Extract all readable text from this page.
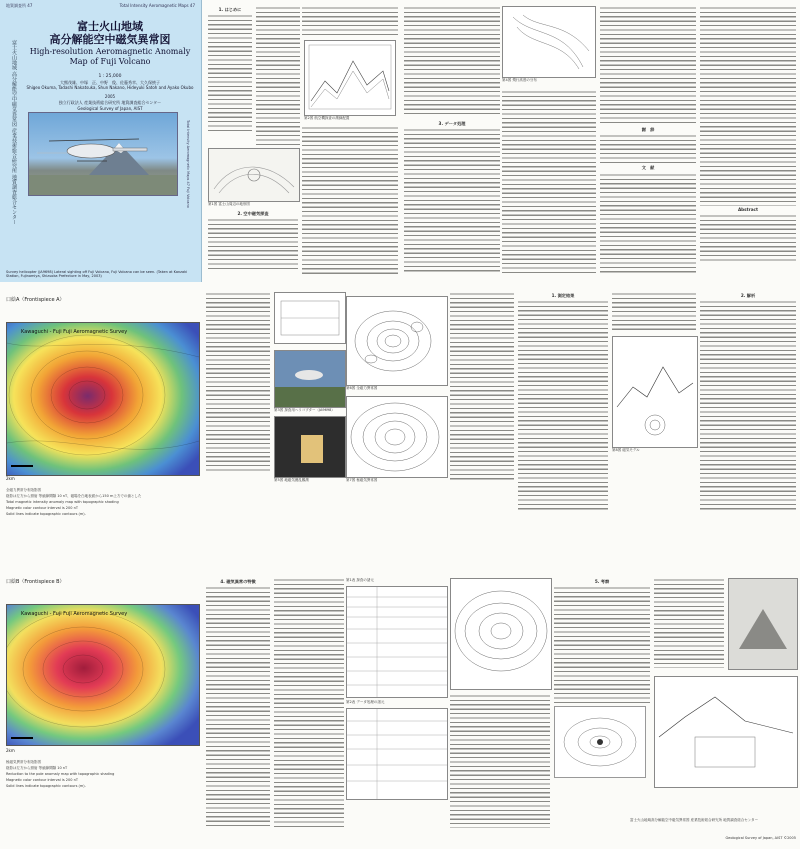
地質調査所 47	Total Intensity Aeromagnetic Maps 47
富士火山地域 高分解能空中磁気異常図 産業技術総合研究所 地質調査総合センター
富士火山地域
高分解能空中磁気異常図
High-resolution Aeromagnetic Anomaly
Map of Fuji Volcano
1 : 25,000
大熊茂雄、中塚　正、中野　俊、佐藤秀幸、大久保綾子
Shigeo Okuma, Tadashi Nakatsuka, Shun Nakano, Hideyuki Satoh and Ayako Okubo
2005
独立行政法人 産業技術総合研究所 地質調査総合センター
Geological Survey of Japan, AIST
Survey helicopter (JA9698) Lateral sighting off Fuji Volcano, Fuji Volcano can be seen. (Taken at Kanzaki Station, Fujinomiya, Shizuoka Prefecture in May, 2003)
Total Intensity Aeromagnetic Maps 47 Fuji Volcano
1. はじめに
第1図 富士山周辺の地形図
2. 空中磁気探査
第2図 航空機探査の測線配置
第4図 飛行高度の分布
3. データ処理
謝　辞
文　献
Abstract
口絵A（Frontispiece A）
Kawaguchi - Fuji Fuji Aeromagnetic Survey
2km
全磁力異常分布陰影図
陰影は左方から照射 等値線間隔 10 nT、磁場を白地表面から150 m上方での値とした
Total magnetic intensity anomaly map with topographic shading
Magnetic color contour interval is 200 nT
Solid lines indicate topographic contours (m).
口絵B（Frontispiece B）
Kawaguchi - Fuji Fuji Aeromagnetic Survey
2km
極磁気異常分布陰影図
陰影は左方から照射 等値線間隔 10 nT
Reduction to the pole anomaly map with topographic shading
Magnetic color contour interval is 200 nT
Solid lines indicate topographic contours (m).
第3図 探査用ヘリコプター（JA9698）
第5図 地磁気擾乱観測
第6図 全磁力異常図
第7図 極磁気異常図
1. 測定結果
第8図 磁気モデル
2. 解析
4. 磁気異常の特徴	第1表 探査の諸元
第2表 データ処理の諸元
5. 考察
富士火山地域高分解能空中磁気異常図 産業技術総合研究所 地質調査総合センター
Geological Survey of Japan, AIST ©2005
